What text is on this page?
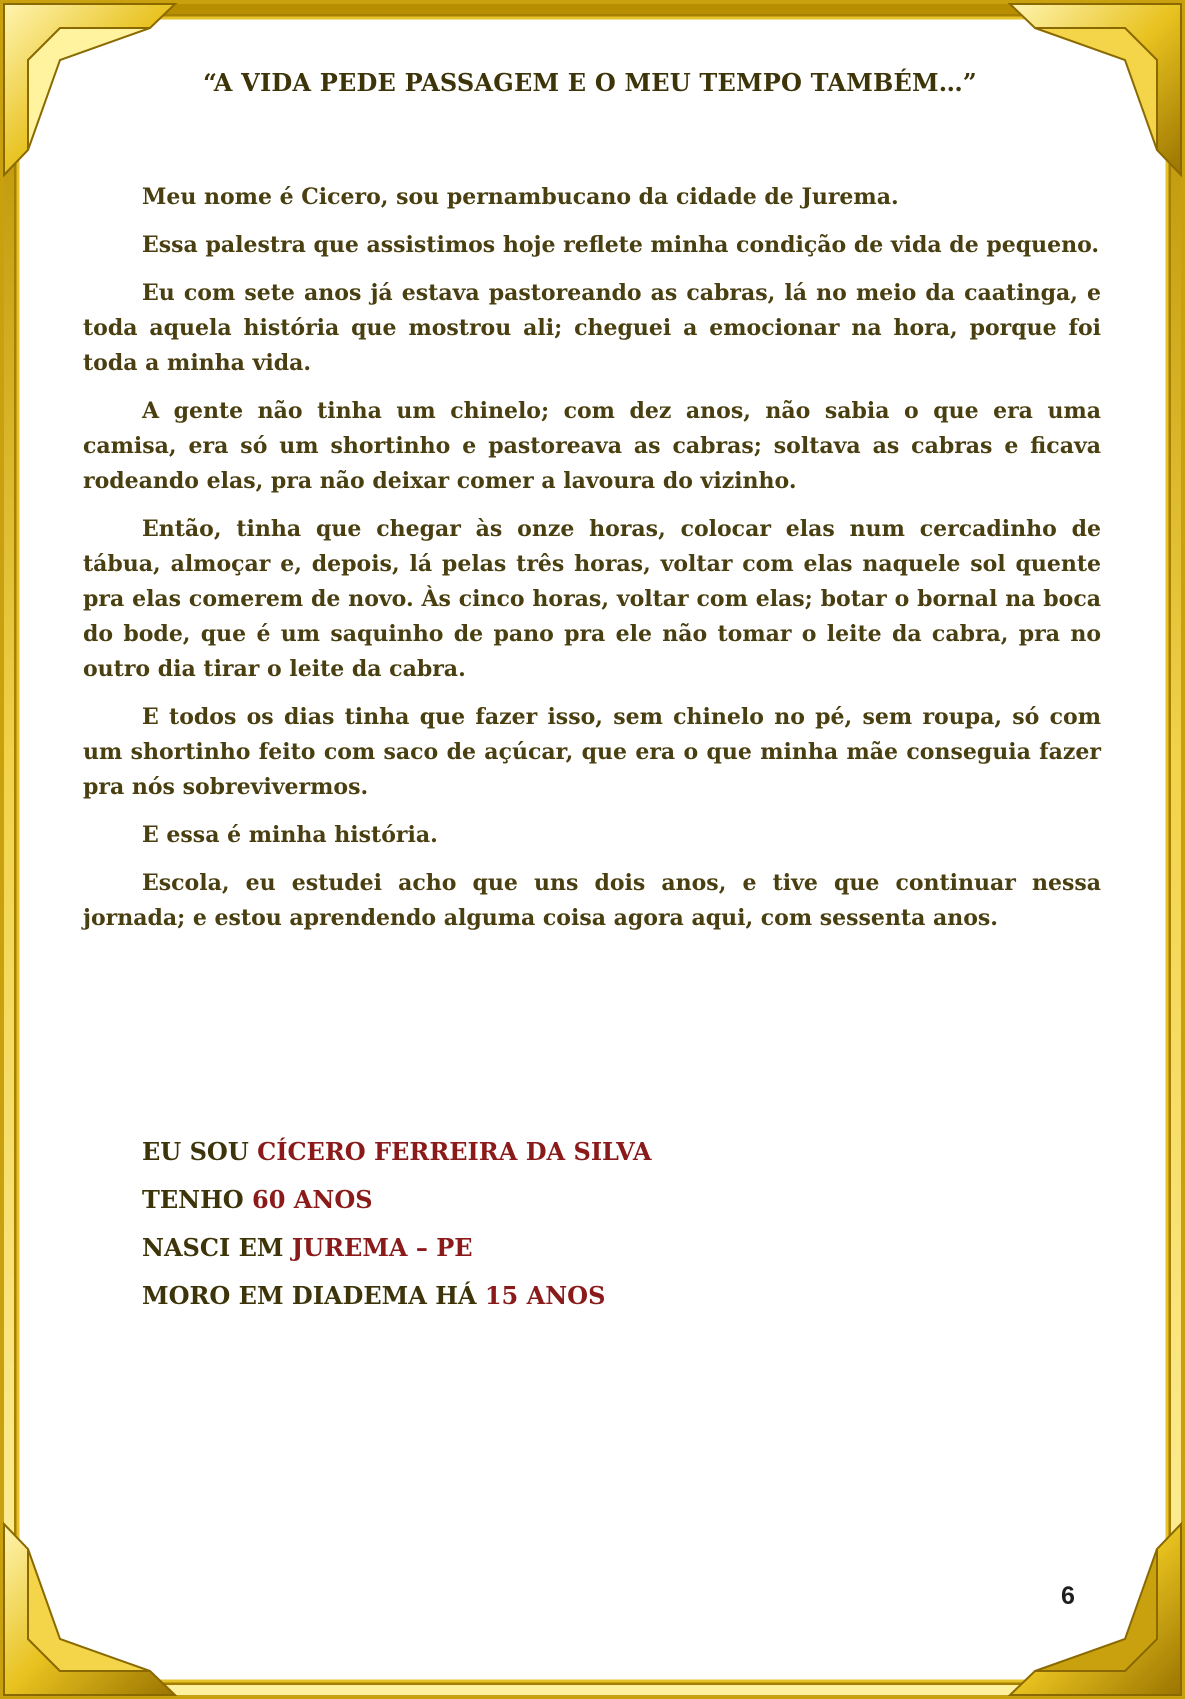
“A VIDA PEDE PASSAGEM E O MEU TEMPO TAMBÉM…”

Meu nome é Cicero, sou pernambucano da cidade de Jurema.

Essa palestra que assistimos hoje reflete minha condição de vida de pequeno.

Eu com sete anos já estava pastoreando as cabras, lá no meio da caatinga, e toda aquela história que mostrou ali; cheguei a emocionar na hora, porque foi toda a minha vida.

A gente não tinha um chinelo; com dez anos, não sabia o que era uma camisa, era só um shortinho e pastoreava as cabras; soltava as cabras e ficava rodeando elas, pra não deixar comer a lavoura do vizinho.

Então, tinha que chegar às onze horas, colocar elas num cercadinho de tábua, almoçar e, depois, lá pelas três horas, voltar com elas naquele sol quente pra elas comerem de novo. Às cinco horas, voltar com elas; botar o bornal na boca do bode, que é um saquinho de pano pra ele não tomar o leite da cabra, pra no outro dia tirar o leite da cabra.

E todos os dias tinha que fazer isso, sem chinelo no pé, sem roupa, só com um shortinho feito com saco de açúcar, que era o que minha mãe conseguia fazer pra nós sobrevivermos.

E essa é minha história.

Escola, eu estudei acho que uns dois anos, e tive que continuar nessa jornada; e estou aprendendo alguma coisa agora aqui, com sessenta anos.

EU SOU CÍCERO FERREIRA DA SILVA
TENHO 60 ANOS
NASCI EM JUREMA – PE
MORO EM DIADEMA HÁ 15 ANOS
6
